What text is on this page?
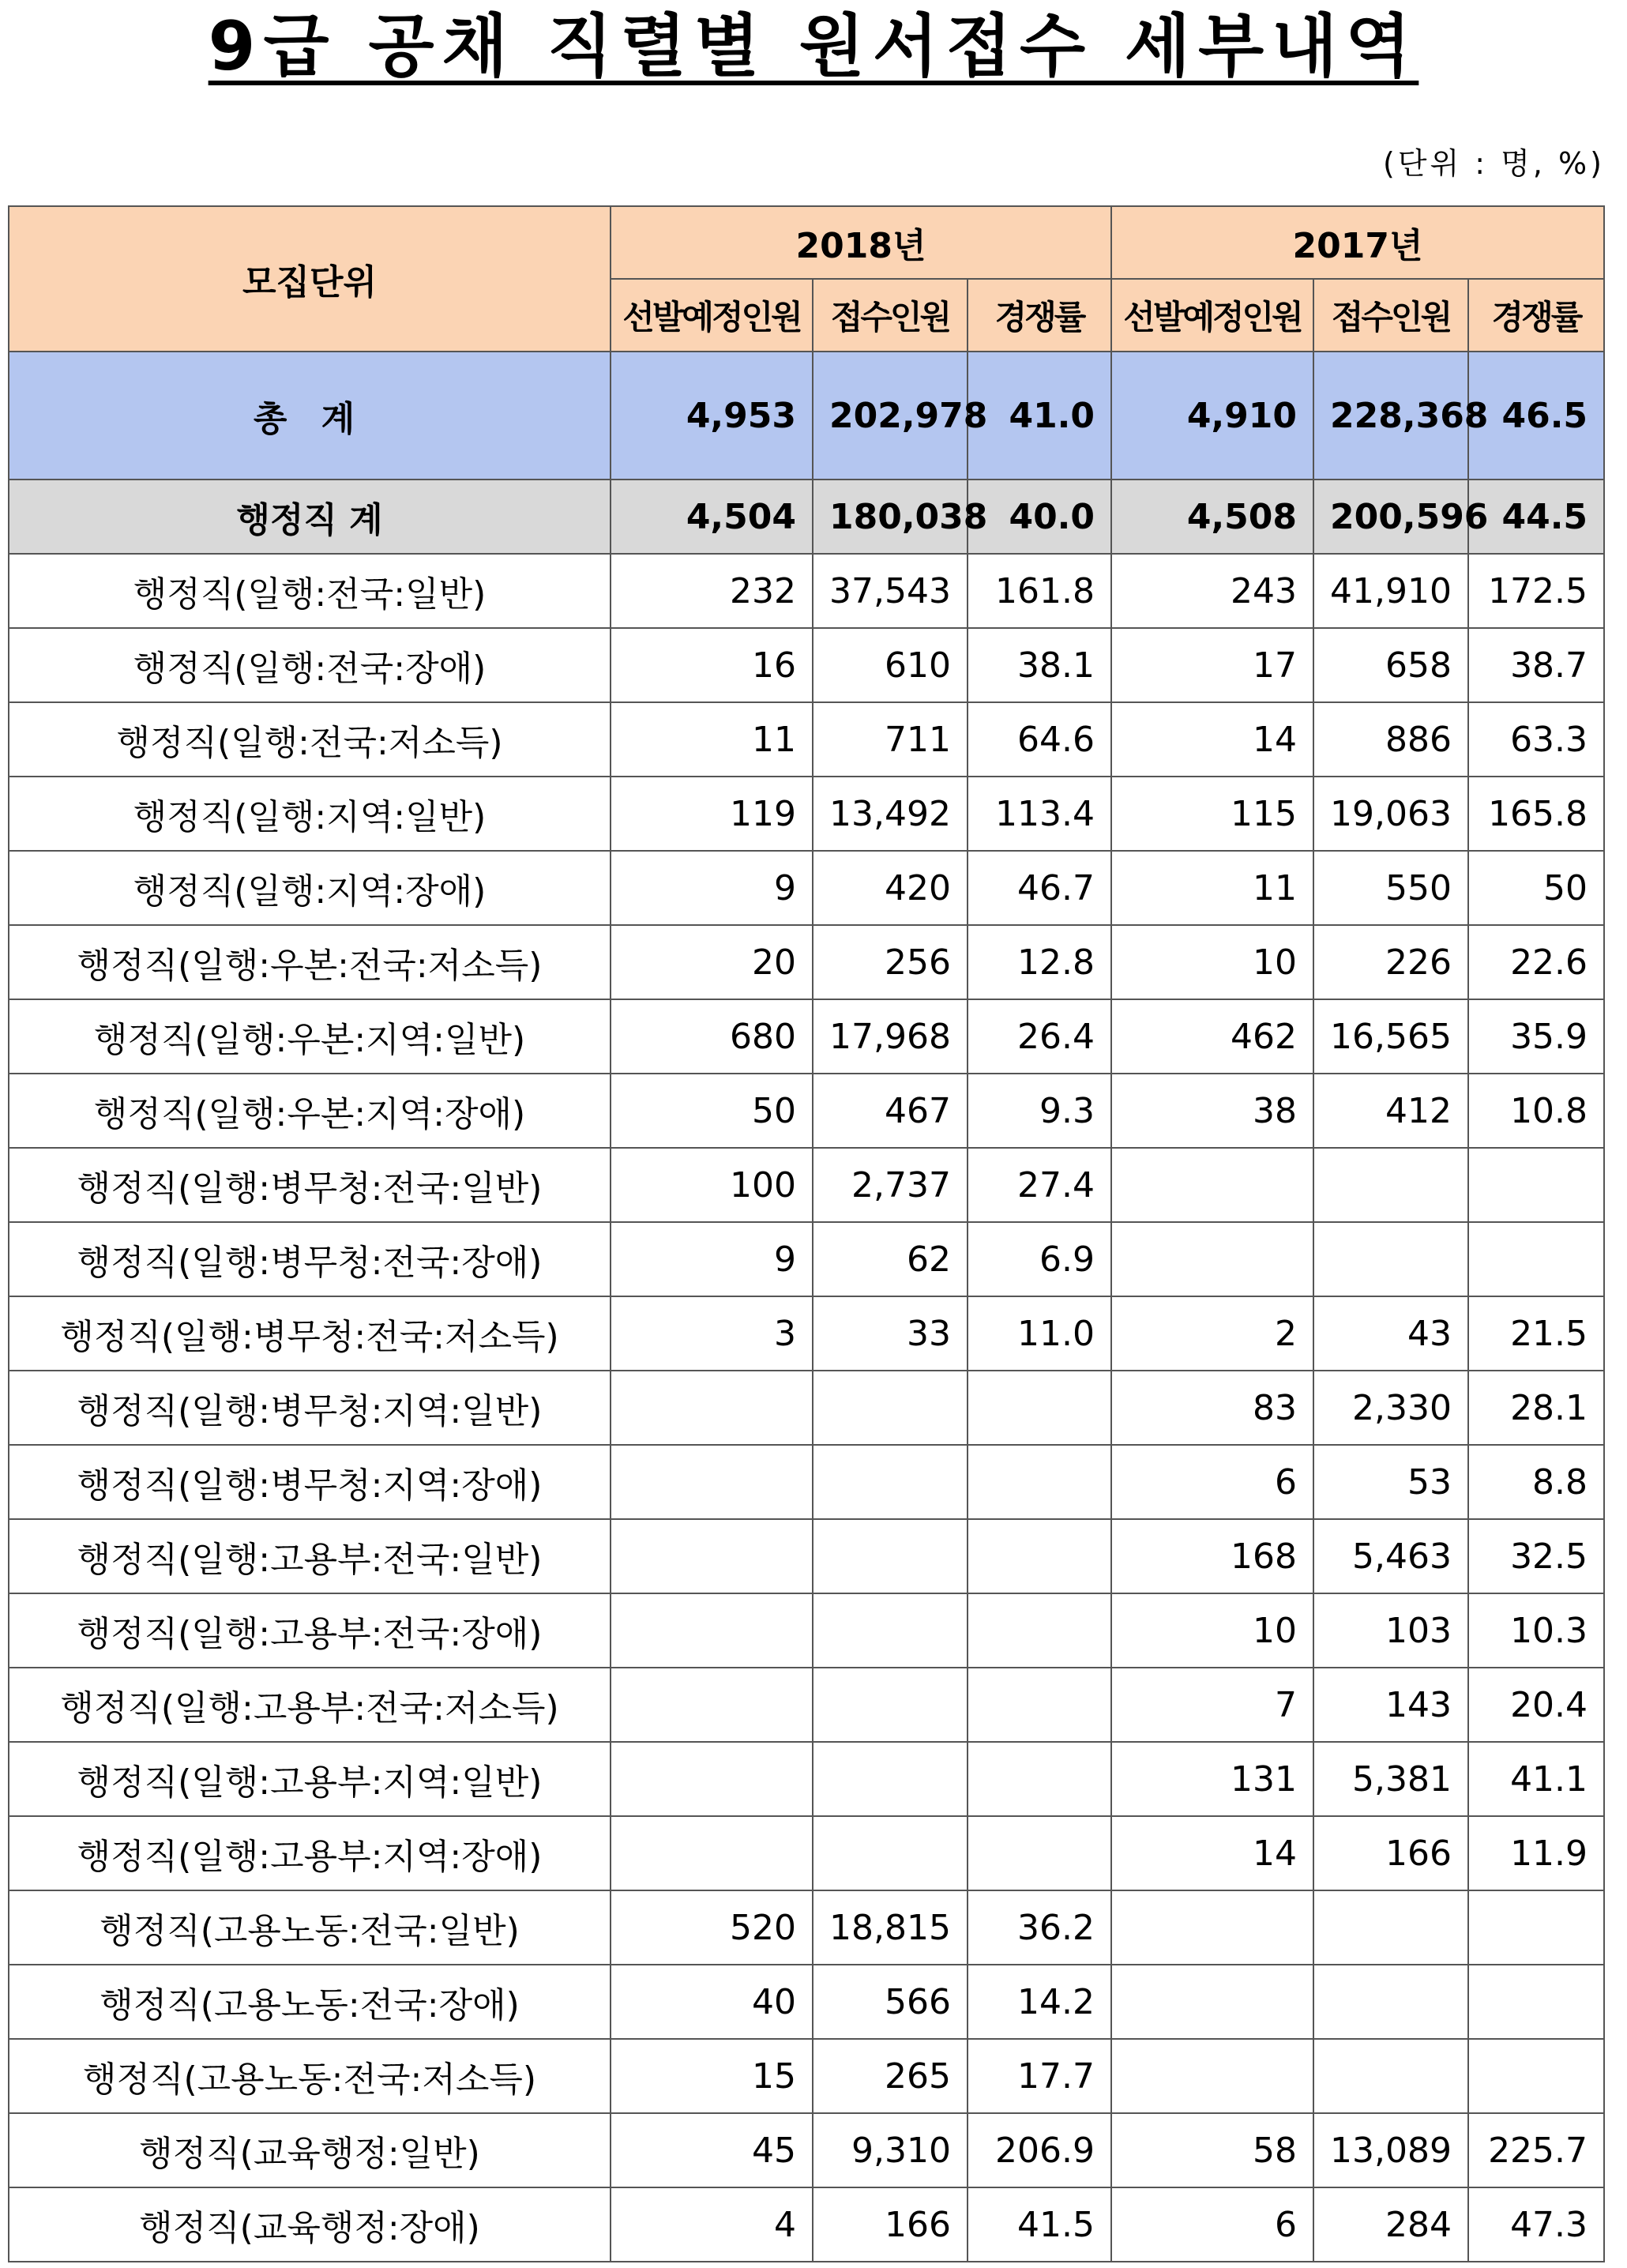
9급 공채 직렬별 원서접수 세부내역
(단위 : 명, %)
모집단위	2018년			2017년		
	선발예정인원	접수인원	경쟁률	선발예정인원	접수인원	경쟁률
총 계	4,953	202,978	41.0	4,910	228,368	46.5
행정직 계	4,504	180,038	40.0	4,508	200,596	44.5
행정직(일행:전국:일반)	232	37,543	161.8	243	41,910	172.5
행정직(일행:전국:장애)	16	610	38.1	17	658	38.7
행정직(일행:전국:저소득)	11	711	64.6	14	886	63.3
행정직(일행:지역:일반)	119	13,492	113.4	115	19,063	165.8
행정직(일행:지역:장애)	9	420	46.7	11	550	50
행정직(일행:우본:전국:저소득)	20	256	12.8	10	226	22.6
행정직(일행:우본:지역:일반)	680	17,968	26.4	462	16,565	35.9
행정직(일행:우본:지역:장애)	50	467	9.3	38	412	10.8
행정직(일행:병무청:전국:일반)	100	2,737	27.4			
행정직(일행:병무청:전국:장애)	9	62	6.9			
행정직(일행:병무청:전국:저소득)	3	33	11.0	2	43	21.5
행정직(일행:병무청:지역:일반)				83	2,330	28.1
행정직(일행:병무청:지역:장애)				6	53	8.8
행정직(일행:고용부:전국:일반)				168	5,463	32.5
행정직(일행:고용부:전국:장애)				10	103	10.3
행정직(일행:고용부:전국:저소득)				7	143	20.4
행정직(일행:고용부:지역:일반)				131	5,381	41.1
행정직(일행:고용부:지역:장애)				14	166	11.9
행정직(고용노동:전국:일반)	520	18,815	36.2			
행정직(고용노동:전국:장애)	40	566	14.2			
행정직(고용노동:전국:저소득)	15	265	17.7			
행정직(교육행정:일반)	45	9,310	206.9	58	13,089	225.7
행정직(교육행정:장애)	4	166	41.5	6	284	47.3
